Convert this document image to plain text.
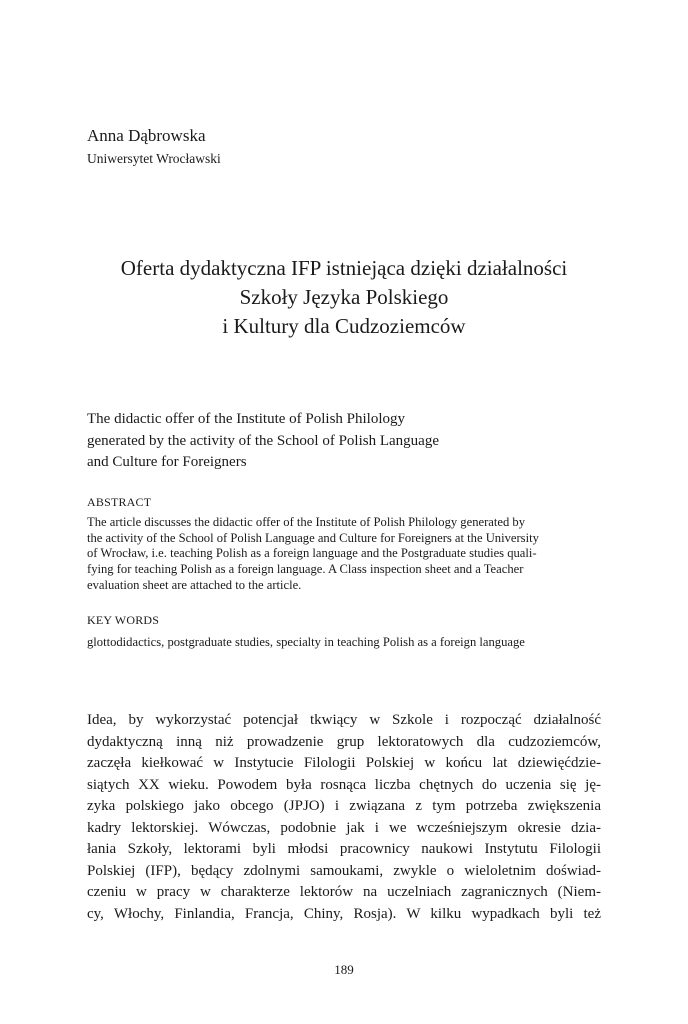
Anna Dąbrowska
Uniwersytet Wrocławski
Oferta dydaktyczna IFP istniejąca dzięki działalności
Szkoły Języka Polskiego
i Kultury dla Cudzoziemców
The didactic offer of the Institute of Polish Philology
generated by the activity of the School of Polish Language
and Culture for Foreigners
ABSTRACT
The article discusses the didactic offer of the Institute of Polish Philology generated by
the activity of the School of Polish Language and Culture for Foreigners at the University
of Wrocław, i.e. teaching Polish as a foreign language and the Postgraduate studies quali-
fying for teaching Polish as a foreign language. A Class inspection sheet and a Teacher
evaluation sheet are attached to the article.
KEY WORDS
glottodidactics, postgraduate studies, specialty in teaching Polish as a foreign language
Idea, by wykorzystać potencjał tkwiący w Szkole i rozpocząć działalność
dydaktyczną inną niż prowadzenie grup lektoratowych dla cudzoziemców,
zaczęła kiełkować w Instytucie Filologii Polskiej w końcu lat dziewięćdzie-
siątych XX wieku. Powodem była rosnąca liczba chętnych do uczenia się ję-
zyka polskiego jako obcego (JPJO) i związana z tym potrzeba zwiększenia
kadry lektorskiej. Wówczas, podobnie jak i we wcześniejszym okresie dzia-
łania Szkoły, lektorami byli młodsi pracownicy naukowi Instytutu Filologii
Polskiej (IFP), będący zdolnymi samoukami, zwykle o wieloletnim doświad-
czeniu w pracy w charakterze lektorów na uczelniach zagranicznych (Niem-
cy, Włochy, Finlandia, Francja, Chiny, Rosja). W kilku wypadkach byli też
189
